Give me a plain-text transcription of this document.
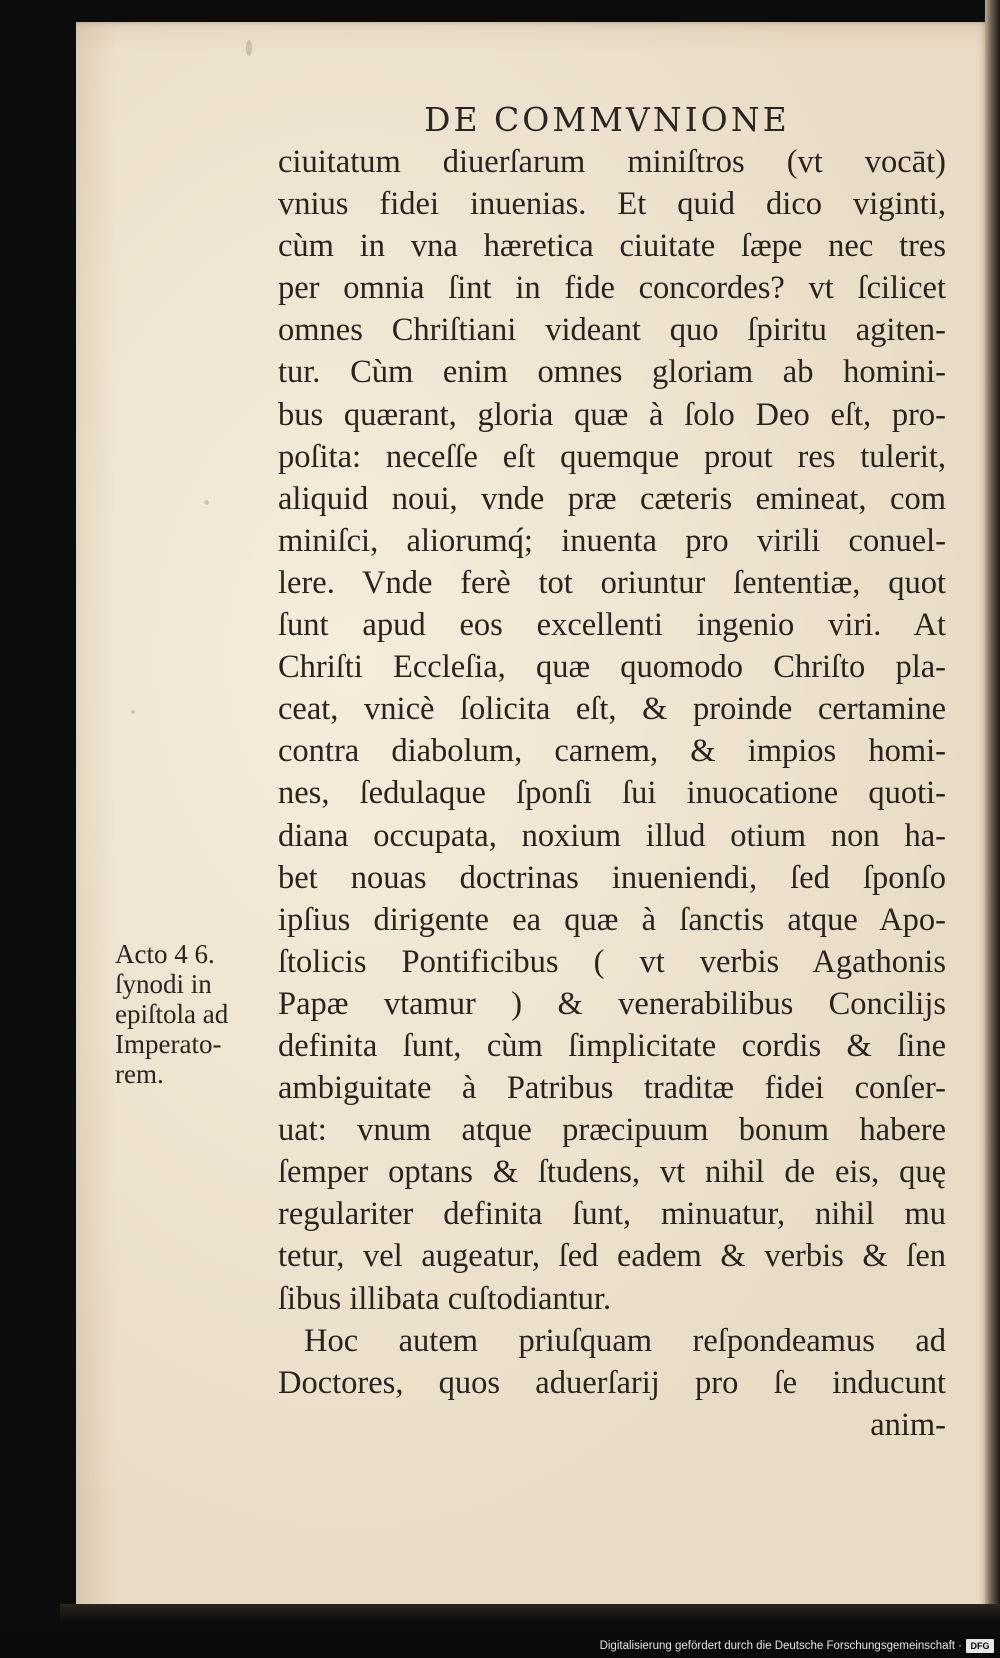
DE COMMVNIONE
ciuitatum diuerſarum miniſtros (vt vocāt)
vnius fidei inuenias. Et quid dico viginti,
cùm in vna hæretica ciuitate ſæpe nec tres
per omnia ſint in fide concordes? vt ſcilicet
omnes Chriſtiani videant quo ſpiritu agiten-
tur. Cùm enim omnes gloriam ab homini-
bus quærant, gloria quæ à ſolo Deo eſt, pro-
poſita: neceſſe eſt quemque prout res tulerit,
aliquid noui, vnde præ cæteris emineat, com
miniſci, aliorumq́; inuenta pro virili conuel-
lere. Vnde ferè tot oriuntur ſententiæ, quot
ſunt apud eos excellenti ingenio viri. At
Chriſti Eccleſia, quæ quomodo Chriſto pla-
ceat, vnicè ſolicita eſt, & proinde certamine
contra diabolum, carnem, & impios homi-
nes, ſedulaque ſponſi ſui inuocatione quoti-
diana occupata, noxium illud otium non ha-
bet nouas doctrinas inueniendi, ſed ſponſo
ipſius dirigente ea quæ à ſanctis atque Apo-
ſtolicis Pontificibus ( vt verbis Agathonis
Papæ vtamur ) & venerabilibus Concilijs
definita ſunt, cùm ſimplicitate cordis & ſine
ambiguitate à Patribus traditæ fidei conſer-
uat: vnum atque præcipuum bonum habere
ſemper optans & ſtudens, vt nihil de eis, quę
regulariter definita ſunt, minuatur, nihil mu
tetur, vel augeatur, ſed eadem & verbis & ſen
ſibus illibata cuſtodiantur.
Hoc autem priuſquam reſpondeamus ad
Doctores, quos aduerſarij pro ſe inducunt
anim-
Acto 4 6.
ſynodi in
epiſtola ad
Imperato-
rem.
Digitalisierung gefördert durch die Deutsche Forschungsgemeinschaft · DFG
